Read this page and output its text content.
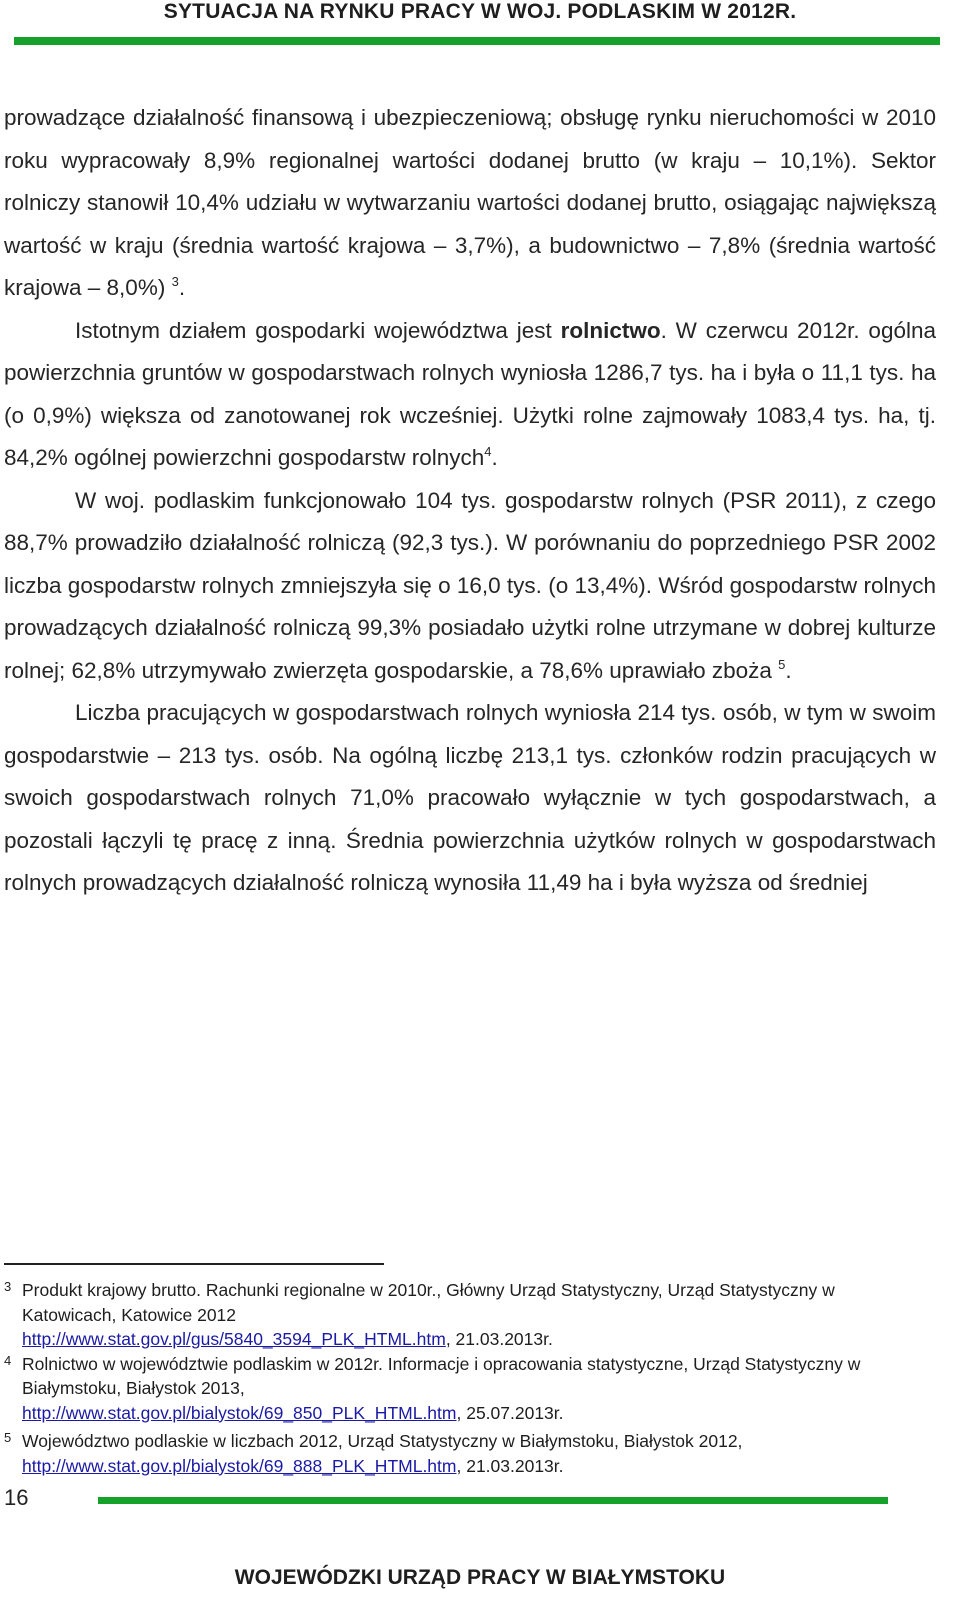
SYTUACJA NA RYNKU PRACY W WOJ. PODLASKIM W 2012R.

prowadzące działalność finansową i ubezpieczeniową; obsługę rynku nieruchomości w 2010 roku wypracowały 8,9% regionalnej wartości dodanej brutto (w kraju – 10,1%). Sektor rolniczy stanowił 10,4% udziału w wytwarzaniu wartości dodanej brutto, osiągając największą wartość w kraju (średnia wartość krajowa – 3,7%), a budownictwo – 7,8% (średnia wartość krajowa – 8,0%) $^3$.

Istotnym działem gospodarki województwa jest rolnictwo. W czerwcu 2012r. ogólna powierzchnia gruntów w gospodarstwach rolnych wyniosła 1286,7 tys. ha i była o 11,1 tys. ha (o 0,9%) większa od zanotowanej rok wcześniej. Użytki rolne zajmowały 1083,4 tys. ha, tj. 84,2% ogólnej powierzchni gospodarstw rolnych$^4$.

W woj. podlaskim funkcjonowało 104 tys. gospodarstw rolnych (PSR 2011), z czego 88,7% prowadziło działalność rolniczą (92,3 tys.). W porównaniu do poprzedniego PSR 2002 liczba gospodarstw rolnych zmniejszyła się o 16,0 tys. (o 13,4%). Wśród gospodarstw rolnych prowadzących działalność rolniczą 99,3% posiadało użytki rolne utrzymane w dobrej kulturze rolnej; 62,8% utrzymywało zwierzęta gospodarskie, a 78,6% uprawiało zboża $^5$.

Liczba pracujących w gospodarstwach rolnych wyniosła 214 tys. osób, w tym w swoim gospodarstwie – 213 tys. osób. Na ogólną liczbę 213,1 tys. członków rodzin pracujących w swoich gospodarstwach rolnych 71,0% pracowało wyłącznie w tych gospodarstwach, a pozostali łączyli tę pracę z inną. Średnia powierzchnia użytków rolnych w gospodarstwach rolnych prowadzących działalność rolniczą wynosiła 11,49 ha i była wyższa od średniej

3 Produkt krajowy brutto. Rachunki regionalne w 2010r., Główny Urząd Statystyczny, Urząd Statystyczny w Katowicach, Katowice 2012
http://www.stat.gov.pl/gus/5840_3594_PLK_HTML.htm, 21.03.2013r.
4 Rolnictwo w województwie podlaskim w 2012r. Informacje i opracowania statystyczne, Urząd Statystyczny w Białymstoku, Białystok 2013,
http://www.stat.gov.pl/bialystok/69_850_PLK_HTML.htm, 25.07.2013r.
5 Województwo podlaskie w liczbach 2012, Urząd Statystyczny w Białymstoku, Białystok 2012,
http://www.stat.gov.pl/bialystok/69_888_PLK_HTML.htm, 21.03.2013r.
16
WOJEWÓDZKI URZĄD PRACY W BIAŁYMSTOKU
